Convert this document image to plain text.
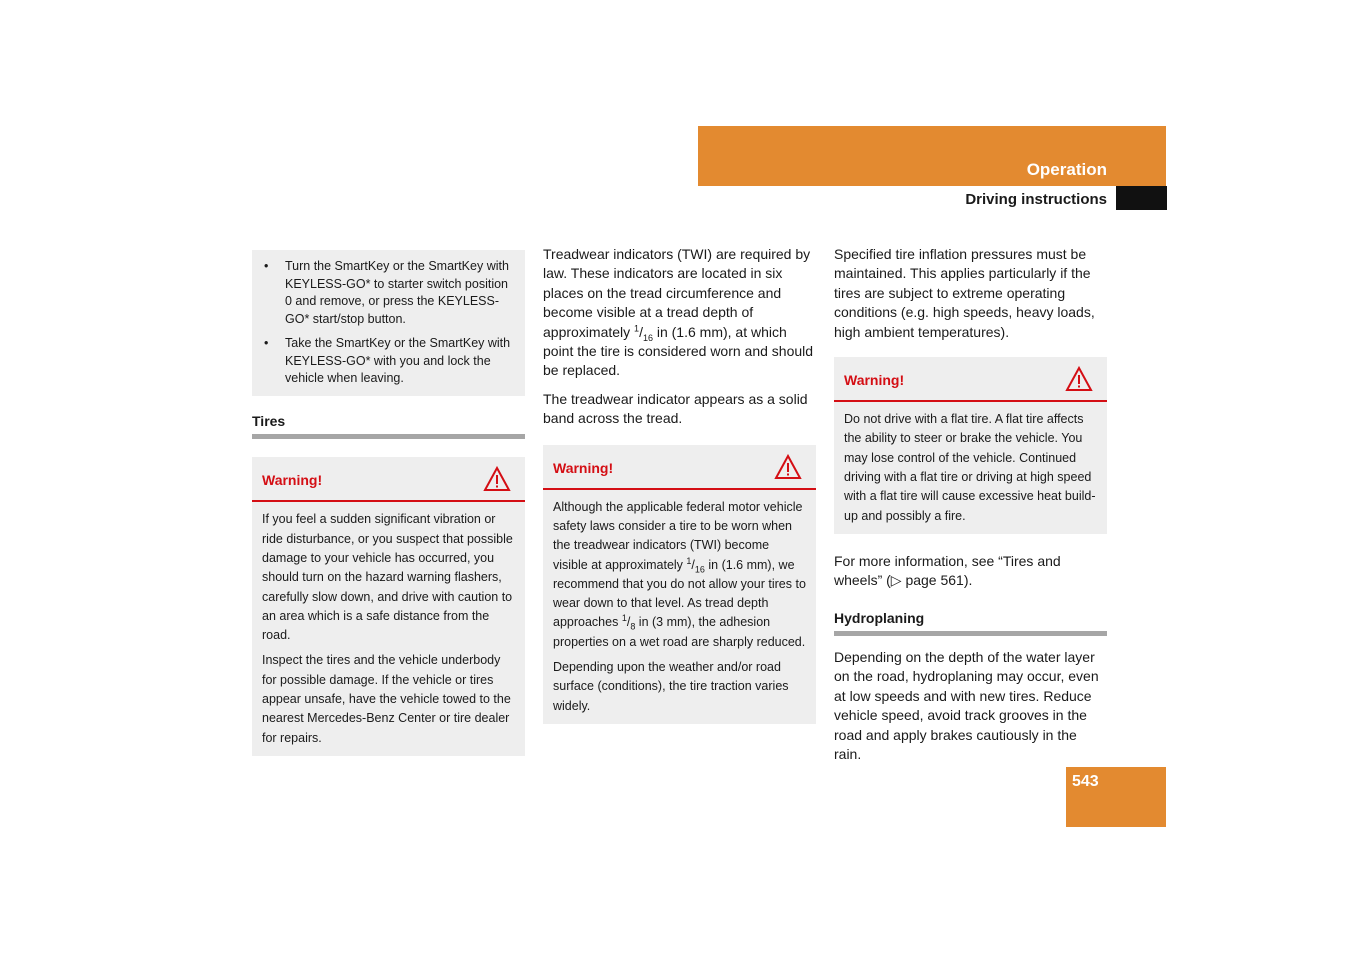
Operation
Driving instructions
• Turn the SmartKey or the SmartKey with KEYLESS-GO* to starter switch position 0 and remove, or press the KEYLESS-GO* start/stop button.
• Take the SmartKey or the SmartKey with KEYLESS-GO* with you and lock the vehicle when leaving.
Tires
Warning!

If you feel a sudden significant vibration or ride disturbance, or you suspect that possible damage to your vehicle has occurred, you should turn on the hazard warning flashers, carefully slow down, and drive with caution to an area which is a safe distance from the road.

Inspect the tires and the vehicle underbody for possible damage. If the vehicle or tires appear unsafe, have the vehicle towed to the nearest Mercedes-Benz Center or tire dealer for repairs.

Treadwear indicators (TWI) are required by law. These indicators are located in six places on the tread circumference and become visible at a tread depth of approximately $^1/_{16}$ in (1.6 mm), at which point the tire is considered worn and should be replaced.

The treadwear indicator appears as a solid band across the tread.

Warning!

Although the applicable federal motor vehicle safety laws consider a tire to be worn when the treadwear indicators (TWI) become visible at approximately $^1/_{16}$ in (1.6 mm), we recommend that you do not allow your tires to wear down to that level. As tread depth approaches $^1/_8$ in (3 mm), the adhesion properties on a wet road are sharply reduced.

Depending upon the weather and/or road surface (conditions), the tire traction varies widely.

Specified tire inflation pressures must be maintained. This applies particularly if the tires are subject to extreme operating conditions (e.g. high speeds, heavy loads, high ambient temperatures).

Warning!

Do not drive with a flat tire. A flat tire affects the ability to steer or brake the vehicle. You may lose control of the vehicle. Continued driving with a flat tire or driving at high speed with a flat tire will cause excessive heat build-up and possibly a fire.

For more information, see “Tires and wheels” (▷ page 561).

Hydroplaning

Depending on the depth of the water layer on the road, hydroplaning may occur, even at low speeds and with new tires. Reduce vehicle speed, avoid track grooves in the road and apply brakes cautiously in the rain.

543
